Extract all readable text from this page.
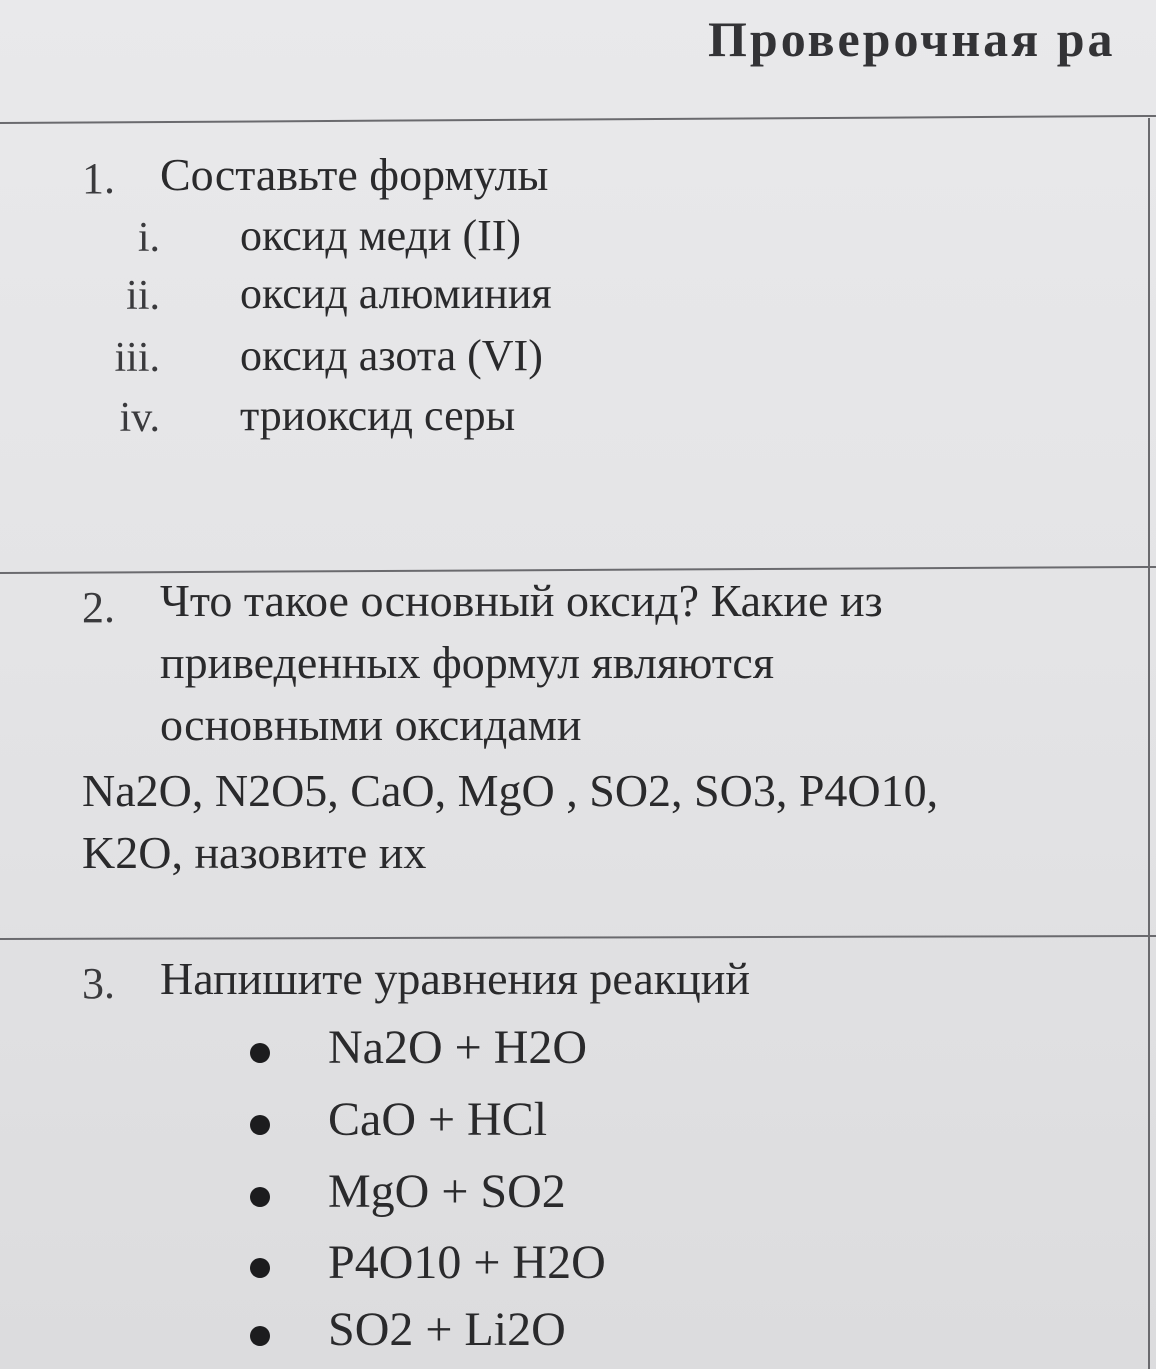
Проверочная ра
1. Составьте формулы
i. оксид меди (II)
ii. оксид алюминия
iii. оксид азота (VI)
iv. триоксид серы
2. Что такое основный оксид? Какие из
приведенных формул являются
основными оксидами
Na2O, N2O5, CaO, MgO , SO2, SO3, P4O10,
K2O, назовите их
3. Напишите уравнения реакций
Na2O + H2O
CaO + HCl
MgO + SO2
P4O10 + H2O
SO2 + Li2O
